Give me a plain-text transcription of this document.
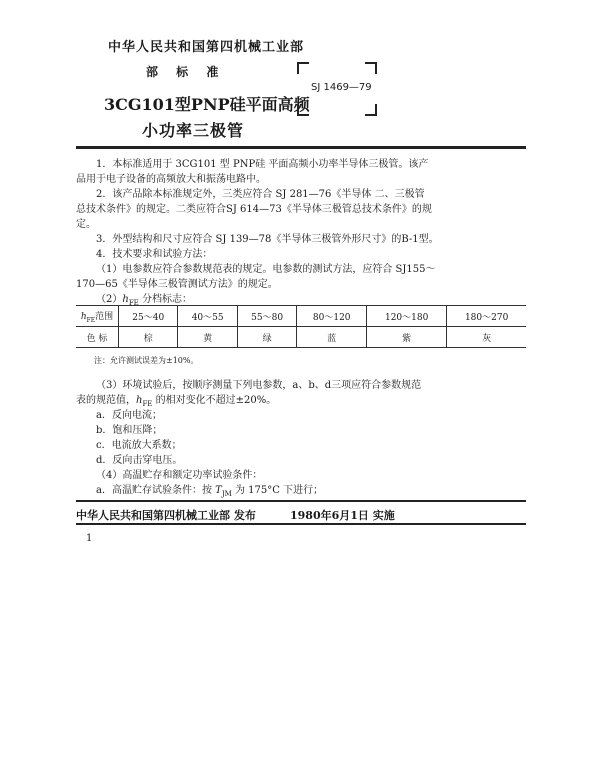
中华人民共和国第四机械工业部
部 标 准
3CG101型PNP硅平面高频
小功率三极管
SJ 1469—79
1．本标准适用于 3CG101 型 PNP硅 平面高频小功率半导体三极管。该产
品用于电子设备的高频放大和振荡电路中。
2．该产品除本标准规定外，三类应符合 SJ 281—76《半导体 二、三极管
总技术条件》的规定。二类应符合SJ 614—73《半导体三极管总技术条件》的规
定。
3．外型结构和尺寸应符合 SJ 139—78《半导体三极管外形尺寸》的B-1型。
4．技术要求和试验方法：
（1）电参数应符合参数规范表的规定。电参数的测试方法，应符合 SJ155～
170—65《半导体三极管测试方法》的规定。
$(2)h_{FE}$ 分档标志：
$h_{FE}$范围	25～40	40～55	55～80	80～120	120～180	180～270
色 标	棕	黄	绿	蓝	紫	灰
注：允许测试误差为±10%。
（3）环境试验后，按顺序测量下列电参数，a、b、d三项应符合参数规范
表的规范值，$h_{FE}$ 的相对变化不超过±20%。
a．反向电流；
b．饱和压降；
c．电流放大系数；
d．反向击穿电压。
（4）高温贮存和额定功率试验条件：
a．高温贮存试验条件：按 $T_{JM}$ 为 175°C 下进行；
中华人民共和国第四机械工业部 发布	1980年6月1日 实施
1
